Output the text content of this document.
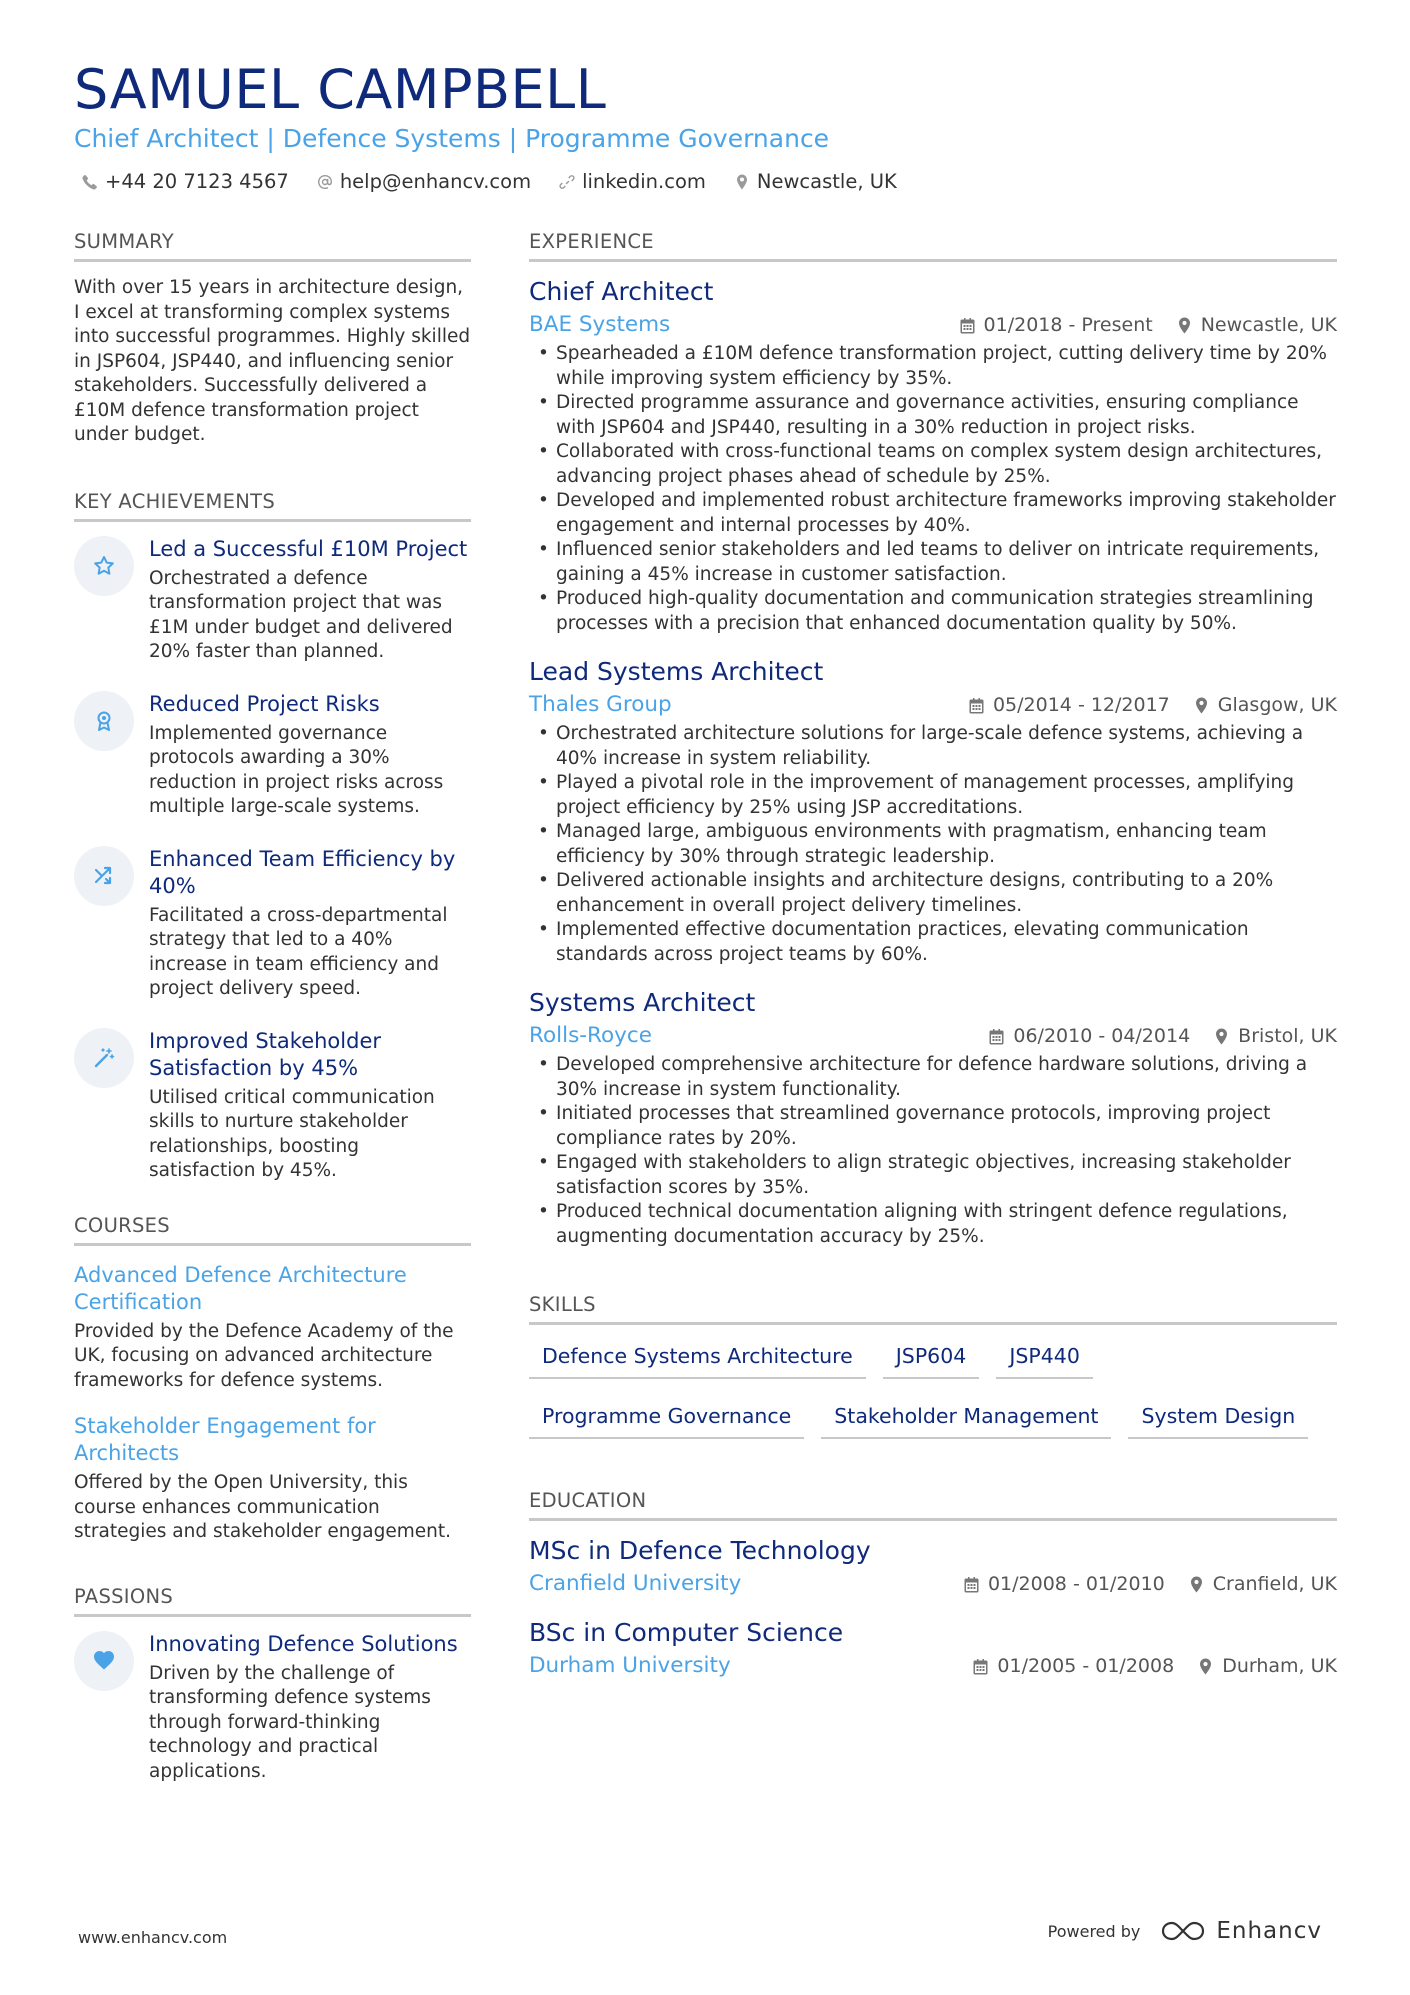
SAMUEL CAMPBELL
Chief Architect | Defence Systems | Programme Governance
+44 20 7123 4567	help@enhancv.com	linkedin.com	Newcastle, UK
SUMMARY

With over 15 years in architecture design, I excel at transforming complex systems into successful programmes. Highly skilled in JSP604, JSP440, and influencing senior stakeholders. Successfully delivered a £10M defence transformation project under budget.

KEY ACHIEVEMENTS
Led a Successful £10M Project
Orchestrated a defence transformation project that was £1M under budget and delivered 20% faster than planned.
Reduced Project Risks
Implemented governance protocols awarding a 30% reduction in project risks across multiple large-scale systems.
Enhanced Team Efficiency by 40%
Facilitated a cross-departmental strategy that led to a 40% increase in team efficiency and project delivery speed.
Improved Stakeholder Satisfaction by 45%
Utilised critical communication skills to nurture stakeholder relationships, boosting satisfaction by 45%.
COURSES
Advanced Defence Architecture Certification
Provided by the Defence Academy of the UK, focusing on advanced architecture frameworks for defence systems.
Stakeholder Engagement for Architects
Offered by the Open University, this course enhances communication strategies and stakeholder engagement.
PASSIONS
Innovating Defence Solutions
Driven by the challenge of transforming defence systems through forward-thinking technology and practical applications.
EXPERIENCE
Chief Architect
BAE Systems	01/2018 - Present	Newcastle, UK
• Spearheaded a £10M defence transformation project, cutting delivery time by 20% while improving system efficiency by 35%.
• Directed programme assurance and governance activities, ensuring compliance with JSP604 and JSP440, resulting in a 30% reduction in project risks.
• Collaborated with cross-functional teams on complex system design architectures, advancing project phases ahead of schedule by 25%.
• Developed and implemented robust architecture frameworks improving stakeholder engagement and internal processes by 40%.
• Influenced senior stakeholders and led teams to deliver on intricate requirements, gaining a 45% increase in customer satisfaction.
• Produced high-quality documentation and communication strategies streamlining processes with a precision that enhanced documentation quality by 50%.
Lead Systems Architect
Thales Group	05/2014 - 12/2017	Glasgow, UK
• Orchestrated architecture solutions for large-scale defence systems, achieving a 40% increase in system reliability.
• Played a pivotal role in the improvement of management processes, amplifying project efficiency by 25% using JSP accreditations.
• Managed large, ambiguous environments with pragmatism, enhancing team efficiency by 30% through strategic leadership.
• Delivered actionable insights and architecture designs, contributing to a 20% enhancement in overall project delivery timelines.
• Implemented effective documentation practices, elevating communication standards across project teams by 60%.
Systems Architect
Rolls-Royce	06/2010 - 04/2014	Bristol, UK
• Developed comprehensive architecture for defence hardware solutions, driving a 30% increase in system functionality.
• Initiated processes that streamlined governance protocols, improving project compliance rates by 20%.
• Engaged with stakeholders to align strategic objectives, increasing stakeholder satisfaction scores by 35%.
• Produced technical documentation aligning with stringent defence regulations, augmenting documentation accuracy by 25%.
SKILLS
Defence Systems Architecture	JSP604	JSP440
Programme Governance	Stakeholder Management	System Design
EDUCATION
MSc in Defence Technology
Cranfield University	01/2008 - 01/2010	Cranfield, UK
BSc in Computer Science
Durham University	01/2005 - 01/2008	Durham, UK
www.enhancv.com	Powered by	Enhancv
